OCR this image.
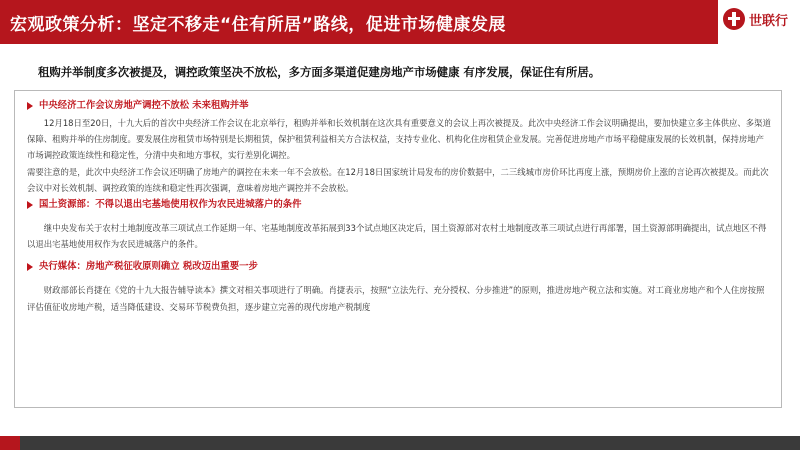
宏观政策分析：坚定不移走“住有所居”路线，促进市场健康发展	世联行
租购并举制度多次被提及，调控政策坚决不放松，多方面多渠道促建房地产市场健康 有序发展，保证住有所居。
中央经济工作会议房地产调控不放松 未来租购并举

12月18日至20日，十九大后的首次中央经济工作会议在北京举行，租购并举和长效机制在这次具有重要意义的会议上再次被提及。此次中央经济工作会议明确提出，要加快建立多主体供应、多渠道保障、租购并举的住房制度。要发展住房租赁市场特别是长期租赁，保护租赁利益相关方合法权益，支持专业化、机构化住房租赁企业发展。完善促进房地产市场平稳健康发展的长效机制，保持房地产市场调控政策连续性和稳定性，分清中央和地方事权，实行差别化调控。

需要注意的是，此次中央经济工作会议还明确了房地产的调控在未来一年不会放松。在12月18日国家统计局发布的房价数据中，二三线城市房价环比再度上涨，预期房价上涨的言论再次被提及。而此次会议中对长效机制、调控政策的连续和稳定性再次强调，意味着房地产调控并不会放松。

国土资源部：不得以退出宅基地使用权作为农民进城落户的条件

继中央发布关于农村土地制度改革三项试点工作延期一年、宅基地制度改革拓展到33个试点地区决定后，国土资源部对农村土地制度改革三项试点进行再部署，国土资源部明确提出，试点地区不得以退出宅基地使用权作为农民进城落户的条件。

央行媒体：房地产税征收原则确立 税改迈出重要一步

财政部部长肖捷在《党的十九大报告辅导读本》撰文对相关事项进行了明确。肖捷表示，按照“立法先行、充分授权、分步推进”的原则，推进房地产税立法和实施。对工商业房地产和个人住房按照评估值征收房地产税，适当降低建设、交易环节税费负担，逐步建立完善的现代房地产税制度
